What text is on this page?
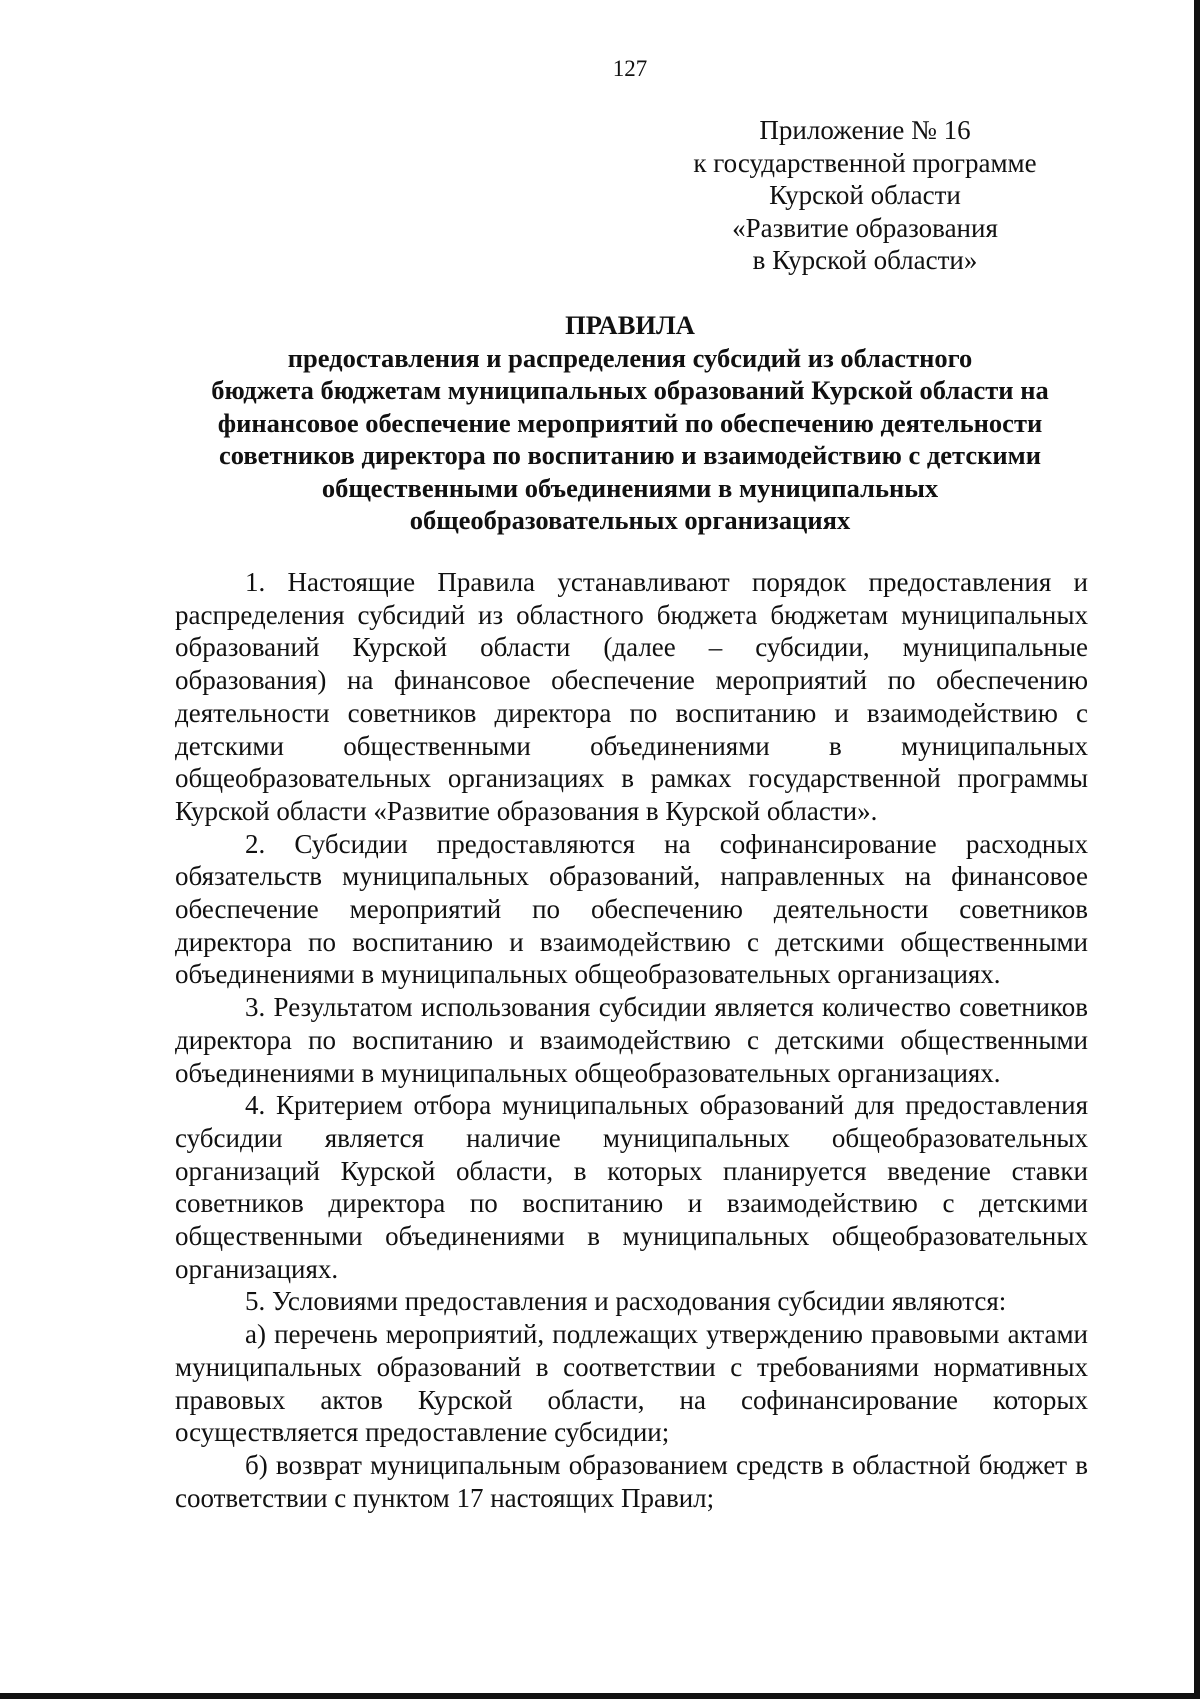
127
Приложение № 16
к государственной программе
Курской области
«Развитие образования
в Курской области»
ПРАВИЛА
предоставления и распределения субсидий из областного
бюджета бюджетам муниципальных образований Курской области на
финансовое обеспечение мероприятий по обеспечению деятельности
советников директора по воспитанию и взаимодействию с детскими
общественными объединениями в муниципальных
общеобразовательных организациях

1. Настоящие Правила устанавливают порядок предоставления и распределения субсидий из областного бюджета бюджетам муниципальных образований Курской области (далее – субсидии, муниципальные образования) на финансовое обеспечение мероприятий по обеспечению деятельности советников директора по воспитанию и взаимодействию с детскими общественными объединениями в муниципальных общеобразовательных организациях в рамках государственной программы Курской области «Развитие образования в Курской области».

2. Субсидии предоставляются на софинансирование расходных обязательств муниципальных образований, направленных на финансовое обеспечение мероприятий по обеспечению деятельности советников директора по воспитанию и взаимодействию с детскими общественными объединениями в муниципальных общеобразовательных организациях.

3. Результатом использования субсидии является количество советников директора по воспитанию и взаимодействию с детскими общественными объединениями в муниципальных общеобразовательных организациях.

4. Критерием отбора муниципальных образований для предоставления субсидии является наличие муниципальных общеобразовательных организаций Курской области, в которых планируется введение ставки советников директора по воспитанию и взаимодействию с детскими общественными объединениями в муниципальных общеобразовательных организациях.

5. Условиями предоставления и расходования субсидии являются:

а) перечень мероприятий, подлежащих утверждению правовыми актами муниципальных образований в соответствии с требованиями нормативных правовых актов Курской области, на софинансирование которых осуществляется предоставление субсидии;

б) возврат муниципальным образованием средств в областной бюджет в соответствии с пунктом 17 настоящих Правил;
